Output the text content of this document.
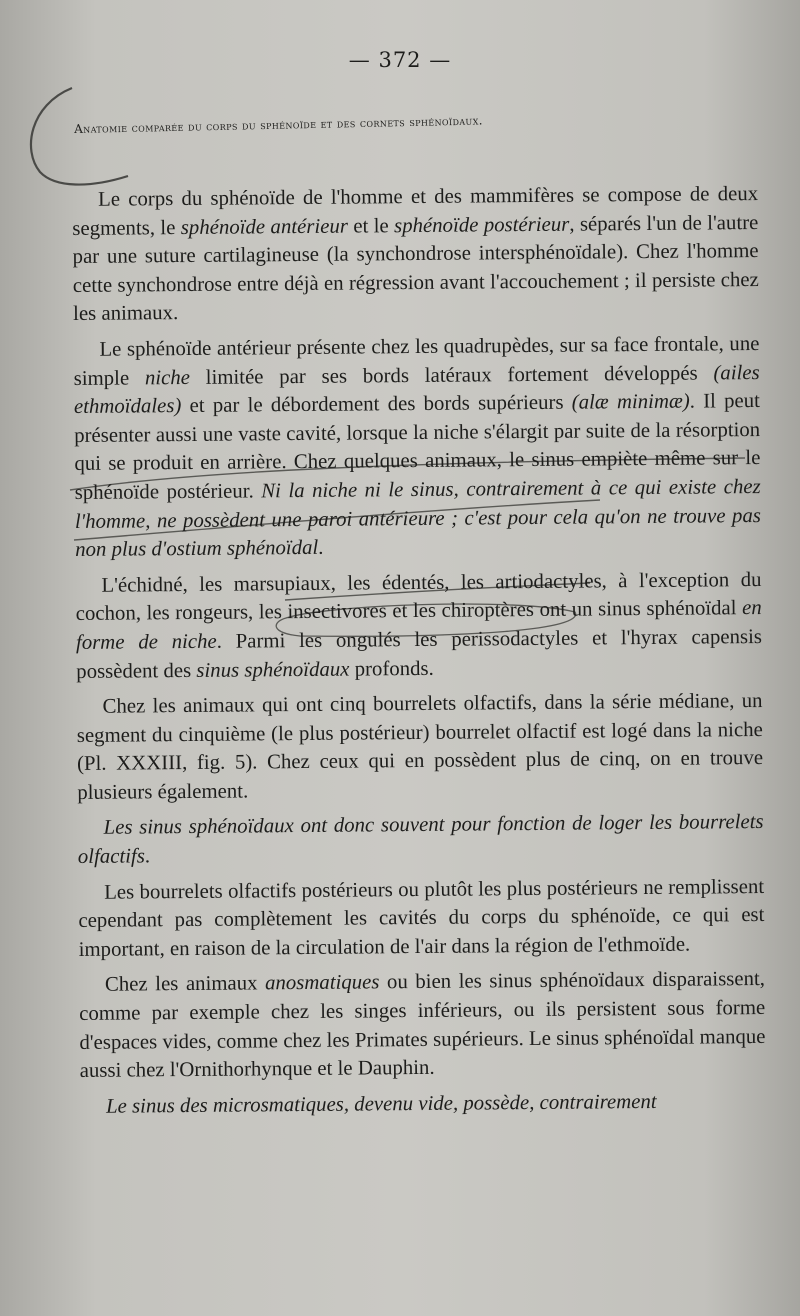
— 372 —
Anatomie comparée du corps du sphénoïde et des cornets sphénoïdaux.

Le corps du sphénoïde de l'homme et des mammifères se compose de deux segments, le sphénoïde antérieur et le sphénoïde postérieur, séparés l'un de l'autre par une suture cartilagineuse (la synchondrose intersphénoïdale). Chez l'homme cette synchondrose entre déjà en régression avant l'accouchement ; il persiste chez les animaux.

Le sphénoïde antérieur présente chez les quadrupèdes, sur sa face frontale, une simple niche limitée par ses bords latéraux fortement développés (ailes ethmoïdales) et par le débordement des bords supérieurs (alæ minimæ). Il peut présenter aussi une vaste cavité, lorsque la niche s'élargit par suite de la résorption qui se produit en arrière. Chez quelques animaux, le sinus empiète même sur le sphénoïde postérieur. Ni la niche ni le sinus, contrairement à ce qui existe chez l'homme, ne possèdent une paroi antérieure ; c'est pour cela qu'on ne trouve pas non plus d'ostium sphénoïdal.

L'échidné, les marsupiaux, les édentés, les artiodactyles, à l'exception du cochon, les rongeurs, les insectivores et les chiroptères ont un sinus sphénoïdal en forme de niche. Parmi les ongulés les perissodactyles et l'hyrax capensis possèdent des sinus sphénoïdaux profonds.

Chez les animaux qui ont cinq bourrelets olfactifs, dans la série médiane, un segment du cinquième (le plus postérieur) bourrelet olfactif est logé dans la niche (Pl. XXXIII, fig. 5). Chez ceux qui en possèdent plus de cinq, on en trouve plusieurs également.

Les sinus sphénoïdaux ont donc souvent pour fonction de loger les bourrelets olfactifs.

Les bourrelets olfactifs postérieurs ou plutôt les plus postérieurs ne remplissent cependant pas complètement les cavités du corps du sphénoïde, ce qui est important, en raison de la circulation de l'air dans la région de l'ethmoïde.

Chez les animaux anosmatiques ou bien les sinus sphénoïdaux disparaissent, comme par exemple chez les singes inférieurs, ou ils persistent sous forme d'espaces vides, comme chez les Primates supérieurs. Le sinus sphénoïdal manque aussi chez l'Ornithorhynque et le Dauphin.

Le sinus des microsmatiques, devenu vide, possède, contrairement
